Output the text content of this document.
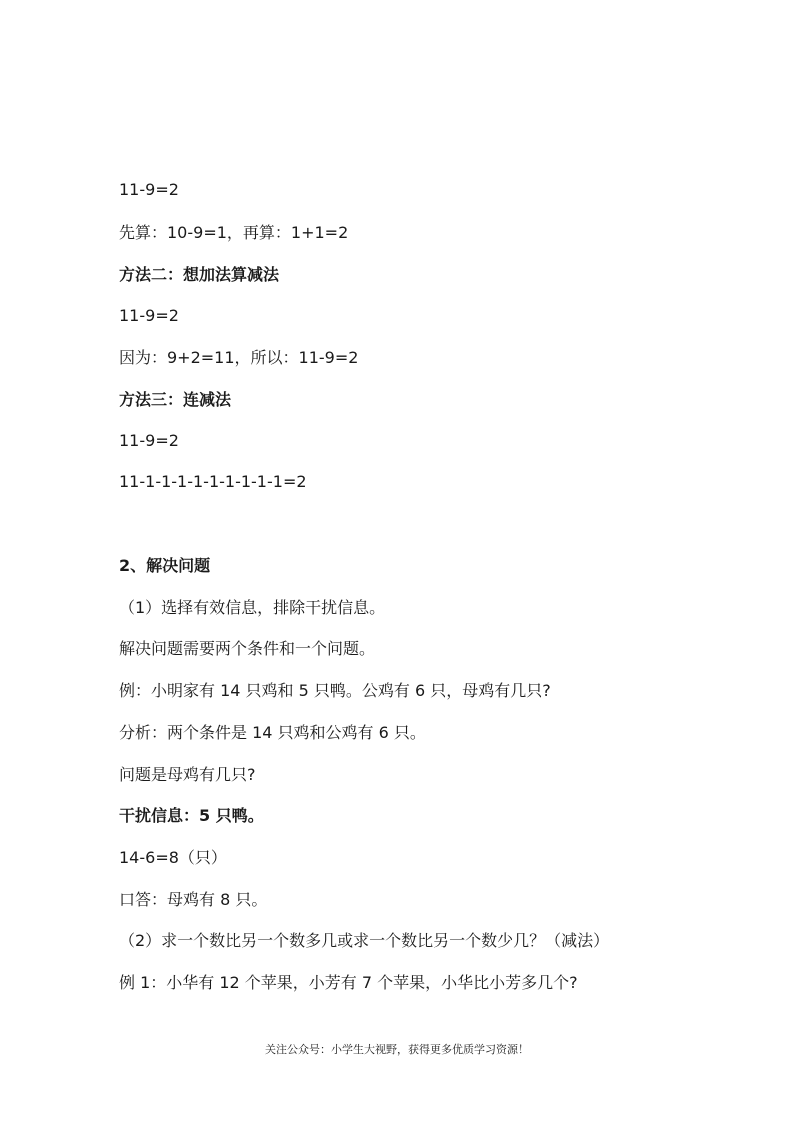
11-9=2
先算：10-9=1，再算：1+1=2
方法二：想加法算减法
11-9=2
因为：9+2=11，所以：11-9=2
方法三：连减法
11-9=2
11-1-1-1-1-1-1-1-1-1=2
2、解决问题
（1）选择有效信息，排除干扰信息。
解决问题需要两个条件和一个问题。
例：小明家有 14 只鸡和 5 只鸭。公鸡有 6 只，母鸡有几只?
分析：两个条件是 14 只鸡和公鸡有 6 只。
问题是母鸡有几只?
干扰信息：5 只鸭。
14-6=8（只）
口答：母鸡有 8 只。
（2）求一个数比另一个数多几或求一个数比另一个数少几？（减法）
例 1：小华有 12 个苹果，小芳有 7 个苹果，小华比小芳多几个?
关注公众号：小学生大视野，获得更多优质学习资源！
